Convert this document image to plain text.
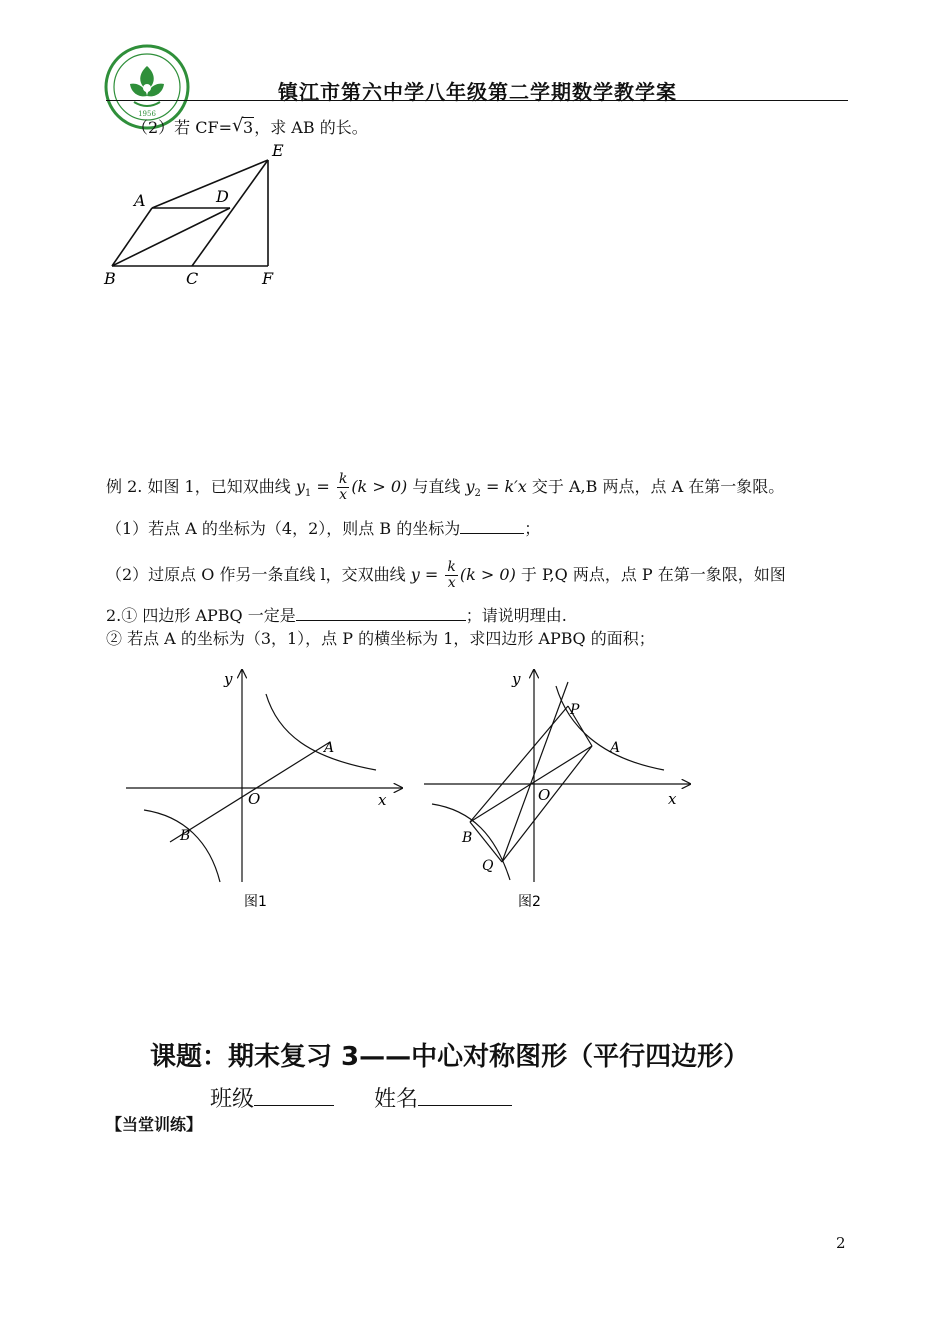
1956
镇江市第六中学八年级第二学期数学教学案
（2）若 CF= √ 3，求 AB 的长。
E
A	D
B	C	F
例 2. 如图 1，已知双曲线 $y_1 = \frac{k}{x} (k > 0)$ 与直线 $y_2 = k'x$ 交于 A,B 两点，点 A 在第一象限。
（1）若点 A 的坐标为（4，2），则点 B 的坐标为	；
（2）过原点 O 作另一条直线 l，交双曲线 $y = \frac{k}{x} (k > 0)$ 于 P,Q 两点，点 P 在第一象限，如图
2.① 四边形 APBQ 一定是	；请说明理由.
② 若点 A 的坐标为（3，1），点 P 的横坐标为 1，求四边形 APBQ 的面积；
y
x
O
A
B
图1
y
x
O
P
A
B
Q
图2
课题：期末复习 3——中心对称图形（平行四边形）
班级	姓名
【当堂训练】
2
